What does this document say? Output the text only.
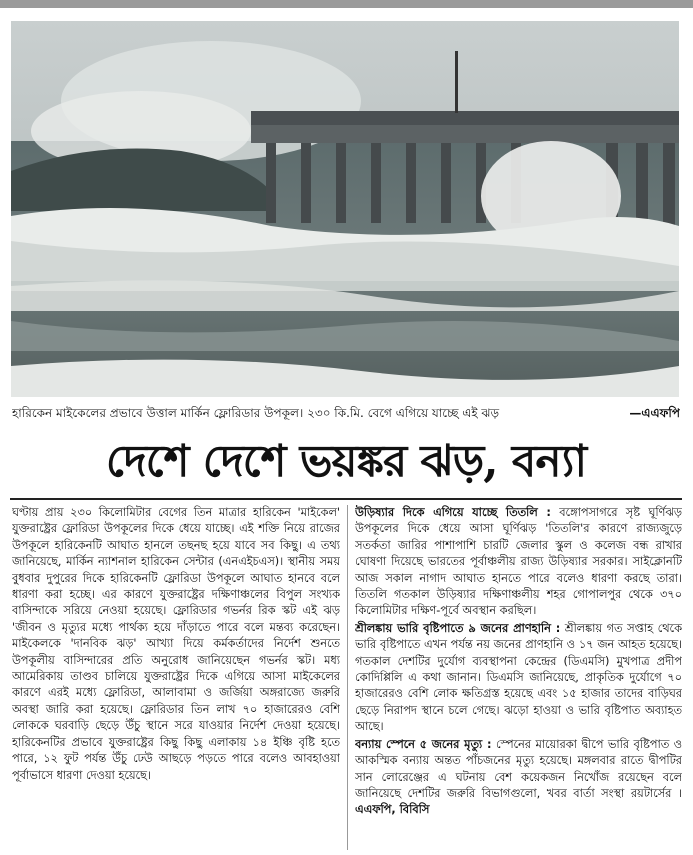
হারিকেন মাইকেলের প্রভাবে উত্তাল মার্কিন ফ্লোরিডার উপকূল। ২৩০ কি.মি. বেগে এগিয়ে যাচ্ছে এই ঝড়	—এএফপি
দেশে দেশে ভয়ঙ্কর ঝড়, বন্যা

ঘণ্টায় প্রায় ২৩০ কিলোমিটার বেগের তিন মাত্রার হারিকেন 'মাইকেল' যুক্তরাষ্ট্রের ফ্লোরিডা উপকূলের দিকে ধেয়ে যাচ্ছে। এই শক্তি নিয়ে রাজের উপকূলে হারিকেনটি আঘাত হানলে তছনছ হয়ে যাবে সব কিছু। এ তথ্য জানিয়েছে, মার্কিন ন্যাশনাল হারিকেন সেন্টার (এনএইচএস)। স্থানীয় সময় বুধবার দুপুরের দিকে হারিকেনটি ফ্লোরিডা উপকূলে আঘাত হানবে বলে ধারণা করা হচ্ছে। এর কারণে যুক্তরাষ্ট্রের দক্ষিণাঞ্চলের বিপুল সংখ্যক বাসিন্দাকে সরিয়ে নেওয়া হয়েছে। ফ্লোরিডার গভর্নর রিক স্কট এই ঝড় 'জীবন ও মৃত্যুর মধ্যে পার্থক্য হয়ে দাঁড়াতে পারে বলে মন্তব্য করেছেন। মাইকেলকে 'দানবিক ঝড়' আখ্যা দিয়ে কর্মকর্তাদের নির্দেশ শুনতে উপকূলীয় বাসিন্দারের প্রতি অনুরোধ জানিয়েছেন গভর্নর স্কট। মধ্য আমেরিকায় তাণ্ডব চালিয়ে যুক্তরাষ্ট্রের দিকে এগিয়ে আসা মাইকেলের কারণে এরই মধ্যে ফ্লোরিডা, আলাবামা ও জর্জিয়া অঙ্গরাজ্যে জরুরি অবস্থা জারি করা হয়েছে। ফ্লোরিডার তিন লাখ ৭০ হাজারেরও বেশি লোককে ঘরবাড়ি ছেড়ে উঁচু স্থানে সরে যাওয়ার নির্দেশ দেওয়া হয়েছে। হারিকেনটির প্রভাবে যুক্তরাষ্ট্রের কিছু কিছু এলাকায় ১৪ ইঞ্চি বৃষ্টি হতে পারে, ১২ ফুট পর্যন্ত উঁচু ঢেউ আছড়ে পড়তে পারে বলেও আবহাওয়া পূর্বাভাসে ধারণা দেওয়া হয়েছে।

উড়িষ্যার দিকে এগিয়ে যাচ্ছে তিতলি : বঙ্গোপসাগরে সৃষ্ট ঘূর্ণিঝড় উপকূলের দিকে ধেয়ে আসা ঘূর্ণিঝড় 'তিতলি'র কারণে রাজ্যজুড়ে সতর্কতা জারির পাশাপাশি চারটি জেলার স্কুল ও কলেজ বন্ধ রাখার ঘোষণা দিয়েছে ভারতের পূর্বাঞ্চলীয় রাজ্য উড়িষ্যার সরকার। সাইক্লোনটি আজ সকাল নাগাদ আঘাত হানতে পারে বলেও ধারণা করছে তারা। তিতলি গতকাল উড়িষ্যার দক্ষিণাঞ্চলীয় শহর গোপালপুর থেকে ৩৭০ কিলোমিটার দক্ষিণ-পূর্বে অবস্থান করছিল।

শ্রীলঙ্কায় ভারি বৃষ্টিপাতে ৯ জনের প্রাণহানি : শ্রীলঙ্কায় গত সপ্তাহ থেকে ভারি বৃষ্টিপাতে এখন পর্যন্ত নয় জনের প্রাণহানি ও ১৭ জন আহত হয়েছে। গতকাল দেশটির দুর্যোগ ব্যবস্থাপনা কেন্দ্রের (ডিএমসি) মুখপাত্র প্রদীপ কোদিপ্পিলি এ কথা জানান। ডিএমসি জানিয়েছে, প্রাকৃতিক দুর্যোগে ৭০ হাজারেরও বেশি লোক ক্ষতিগ্রস্ত হয়েছে এবং ১৫ হাজার তাদের বাড়িঘর ছেড়ে নিরাপদ স্থানে চলে গেছে। ঝড়ো হাওয়া ও ভারি বৃষ্টিপাত অব্যাহত আছে।

বন্যায় স্পেনে ৫ জনের মৃত্যু : স্পেনের মায়োরকা দ্বীপে ভারি বৃষ্টিপাত ও আকস্মিক বন্যায় অন্তত পাঁচজনের মৃত্যু হয়েছে। মঙ্গলবার রাতে দ্বীপটির সান লোরেঞ্জের এ ঘটনায় বেশ কয়েকজন নিখোঁজ রয়েছেন বলে জানিয়েছে দেশটির জরুরি বিভাগগুলো, খবর বার্তা সংস্থা রয়টার্সের । এএফপি, বিবিসি
